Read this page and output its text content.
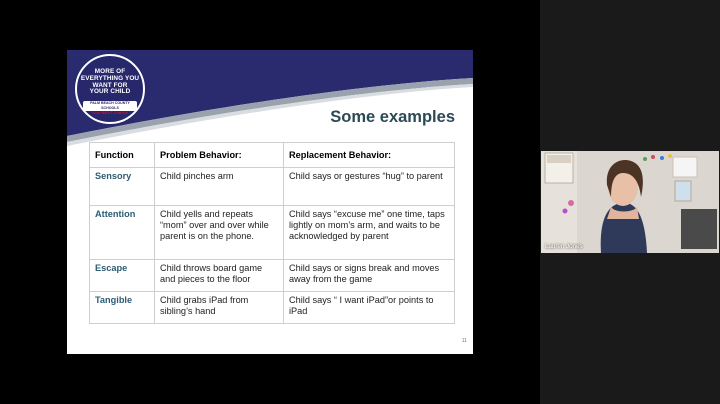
MORE OF
EVERYTHING YOU
WANT FOR
YOUR CHILD
PALM BEACH COUNTY SCHOOLS
Your BEST Choice!	Some examples
Function	Problem Behavior:	Replacement Behavior:
Sensory	Child pinches arm	Child says or gestures “hug” to parent
Attention	Child yells and repeats “mom” over and over while parent is on the phone.	Child says “excuse me” one time, taps lightly on mom’s arm, and waits to be acknowledged by parent
Escape	Child throws board game and pieces to the floor	Child says or signs break and moves away from the game
Tangible	Child grabs iPad from sibling’s hand	Child says “ I want iPad”or points to iPad
11
Lauren Jones
